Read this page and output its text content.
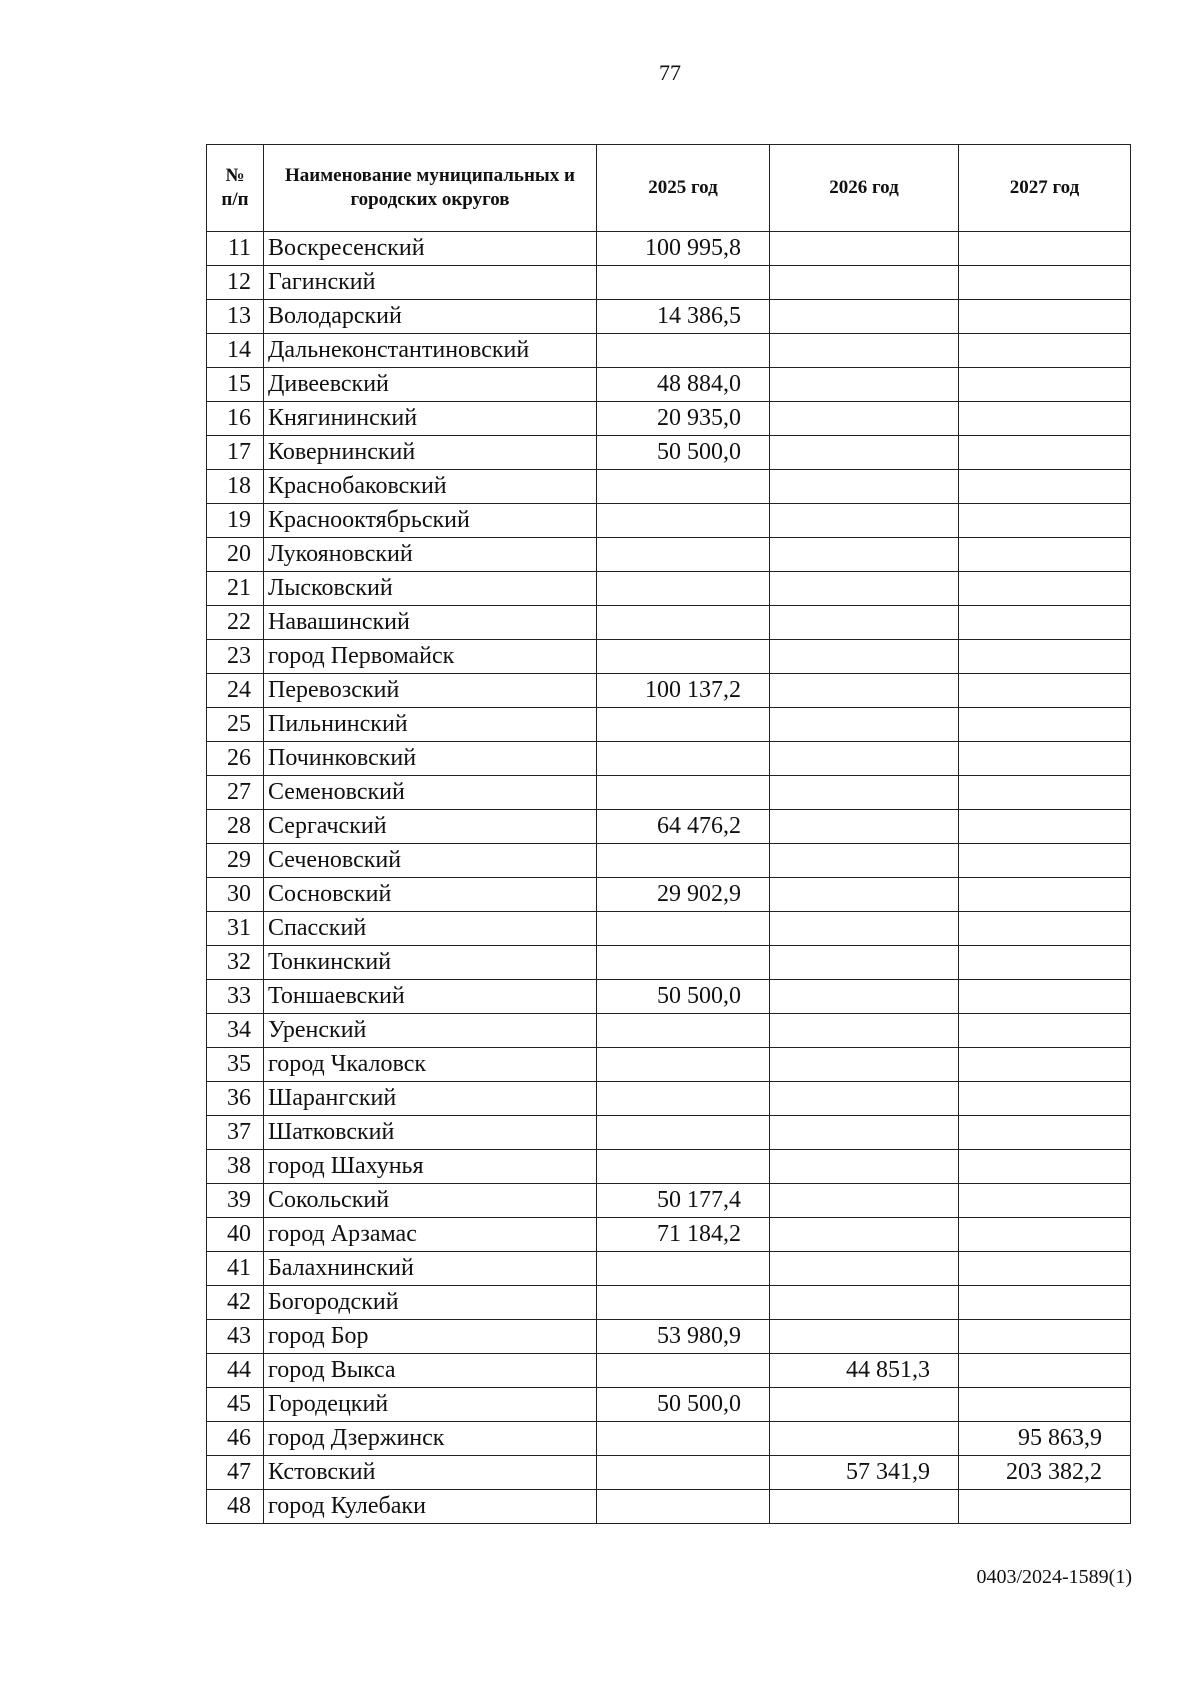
77
№
п/п	Наименование муниципальных и городских округов	2025 год	2026 год	2027 год
11	Воскресенский	100 995,8		
12	Гагинский			
13	Володарский	14 386,5		
14	Дальнеконстантиновский			
15	Дивеевский	48 884,0		
16	Княгининский	20 935,0		
17	Ковернинский	50 500,0		
18	Краснобаковский			
19	Краснооктябрьский			
20	Лукояновский			
21	Лысковский			
22	Навашинский			
23	город Первомайск			
24	Перевозский	100 137,2		
25	Пильнинский			
26	Починковский			
27	Семеновский			
28	Сергачский	64 476,2		
29	Сеченовский			
30	Сосновский	29 902,9		
31	Спасский			
32	Тонкинский			
33	Тоншаевский	50 500,0		
34	Уренский			
35	город Чкаловск			
36	Шарангский			
37	Шатковский			
38	город Шахунья			
39	Сокольский	50 177,4		
40	город Арзамас	71 184,2		
41	Балахнинский			
42	Богородский			
43	город Бор	53 980,9		
44	город Выкса		44 851,3	
45	Городецкий	50 500,0		
46	город Дзержинск			95 863,9
47	Кстовский		57 341,9	203 382,2
48	город Кулебаки			
0403/2024-1589(1)
